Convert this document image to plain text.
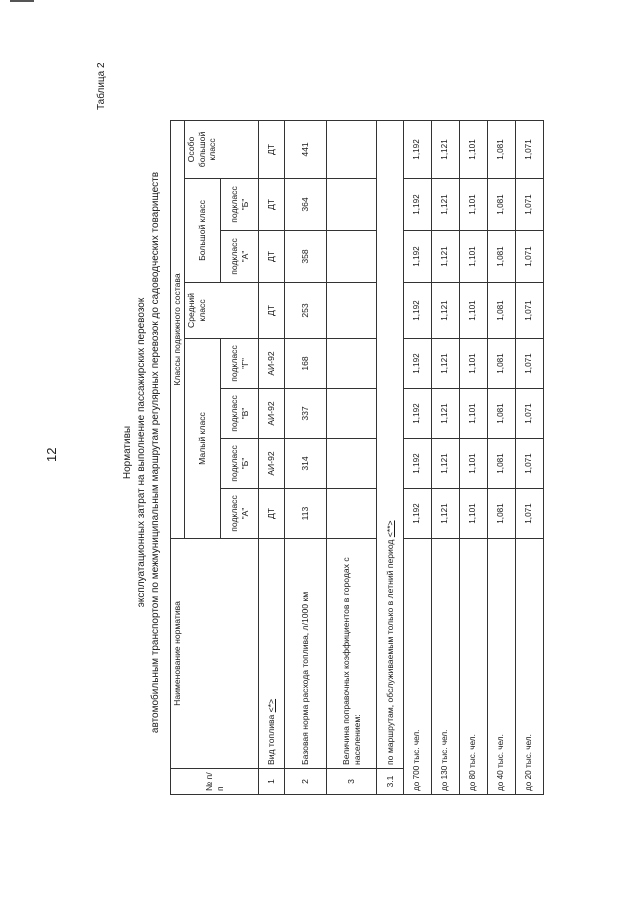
12
Таблица 2
Нормативы эксплуатационных затрат на выполнение пассажирских перевозок автомобильным транспортом по межмуниципальным маршрутам регулярных перевозок до садоводческих товариществ
№ п/п	Наименование норматива	Классы подвижного состава							
		Малый класс				Средний класс	Большой класс		Особо большой класс
		подкласс "А"	подкласс "Б"	подкласс "В"	подкласс "Г"		подкласс "А"	подкласс "Б"	
1	Вид топлива <*>	ДТ	АИ-92	АИ-92	АИ-92	ДТ	ДТ	ДТ	ДТ
2	Базовая норма расхода топлива, л/1000 км	113	314	337	168	253	358	364	441
3	Величина поправочных коэффициентов в городах с населением:								
3.1	по маршрутам, обслуживаемым только в летний период <**>								
до 700 тыс. чел.		1,192	1,192	1,192	1,192	1,192	1,192	1,192	1,192
до 130 тыс. чел.		1,121	1,121	1,121	1,121	1,121	1,121	1,121	1,121
до 80 тыс. чел.		1,101	1,101	1,101	1,101	1,101	1,101	1,101	1,101
до 40 тыс. чел.		1,081	1,081	1,081	1,081	1,081	1,081	1,081	1,081
до 20 тыс. чел.		1,071	1,071	1,071	1,071	1,071	1,071	1,071	1,071
